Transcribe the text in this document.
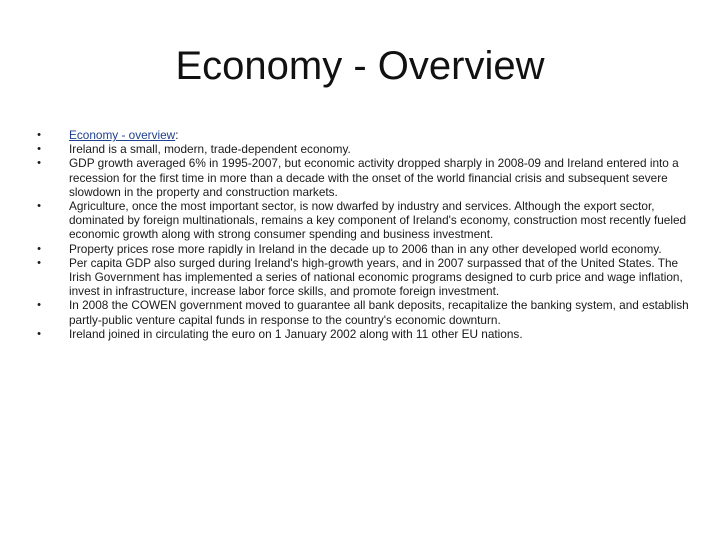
Economy - Overview
• Economy - overview:
• Ireland is a small, modern, trade-dependent economy.
• GDP growth averaged 6% in 1995-2007, but economic activity dropped sharply in 2008-09 and Ireland entered into a recession for the first time in more than a decade with the onset of the world financial crisis and subsequent severe slowdown in the property and construction markets.
• Agriculture, once the most important sector, is now dwarfed by industry and services. Although the export sector, dominated by foreign multinationals, remains a key component of Ireland's economy, construction most recently fueled economic growth along with strong consumer spending and business investment.
• Property prices rose more rapidly in Ireland in the decade up to 2006 than in any other developed world economy.
• Per capita GDP also surged during Ireland's high-growth years, and in 2007 surpassed that of the United States. The Irish Government has implemented a series of national economic programs designed to curb price and wage inflation, invest in infrastructure, increase labor force skills, and promote foreign investment.
• In 2008 the COWEN government moved to guarantee all bank deposits, recapitalize the banking system, and establish partly-public venture capital funds in response to the country's economic downturn.
• Ireland joined in circulating the euro on 1 January 2002 along with 11 other EU nations.
